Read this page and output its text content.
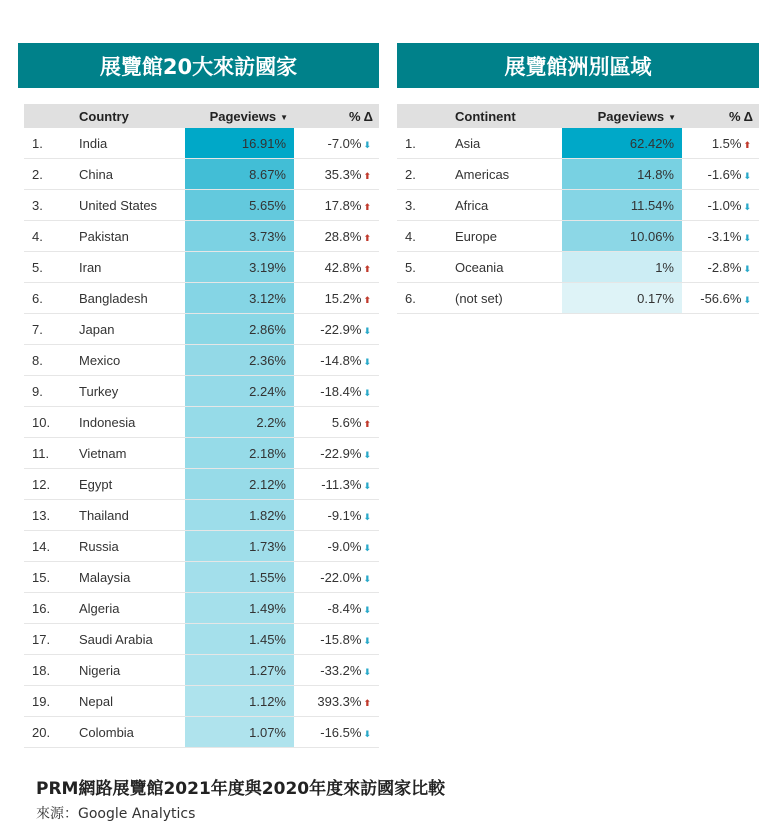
展覽館20大來訪國家
	Country	Pageviews ▼	% Δ
1.	India	16.91%	-7.0% ⬇
2.	China	8.67%	35.3% ⬆
3.	United States	5.65%	17.8% ⬆
4.	Pakistan	3.73%	28.8% ⬆
5.	Iran	3.19%	42.8% ⬆
6.	Bangladesh	3.12%	15.2% ⬆
7.	Japan	2.86%	-22.9% ⬇
8.	Mexico	2.36%	-14.8% ⬇
9.	Turkey	2.24%	-18.4% ⬇
10.	Indonesia	2.2%	5.6% ⬆
11.	Vietnam	2.18%	-22.9% ⬇
12.	Egypt	2.12%	-11.3% ⬇
13.	Thailand	1.82%	-9.1% ⬇
14.	Russia	1.73%	-9.0% ⬇
15.	Malaysia	1.55%	-22.0% ⬇
16.	Algeria	1.49%	-8.4% ⬇
17.	Saudi Arabia	1.45%	-15.8% ⬇
18.	Nigeria	1.27%	-33.2% ⬇
19.	Nepal	1.12%	393.3% ⬆
20.	Colombia	1.07%	-16.5% ⬇
展覽館洲別區域
	Continent	Pageviews ▼	% Δ
1.	Asia	62.42%	1.5% ⬆
2.	Americas	14.8%	-1.6% ⬇
3.	Africa	11.54%	-1.0% ⬇
4.	Europe	10.06%	-3.1% ⬇
5.	Oceania	1%	-2.8% ⬇
6.	(not set)	0.17%	-56.6% ⬇
PRM網路展覽館2021年度與2020年度來訪國家比較
來源：Google Analytics
